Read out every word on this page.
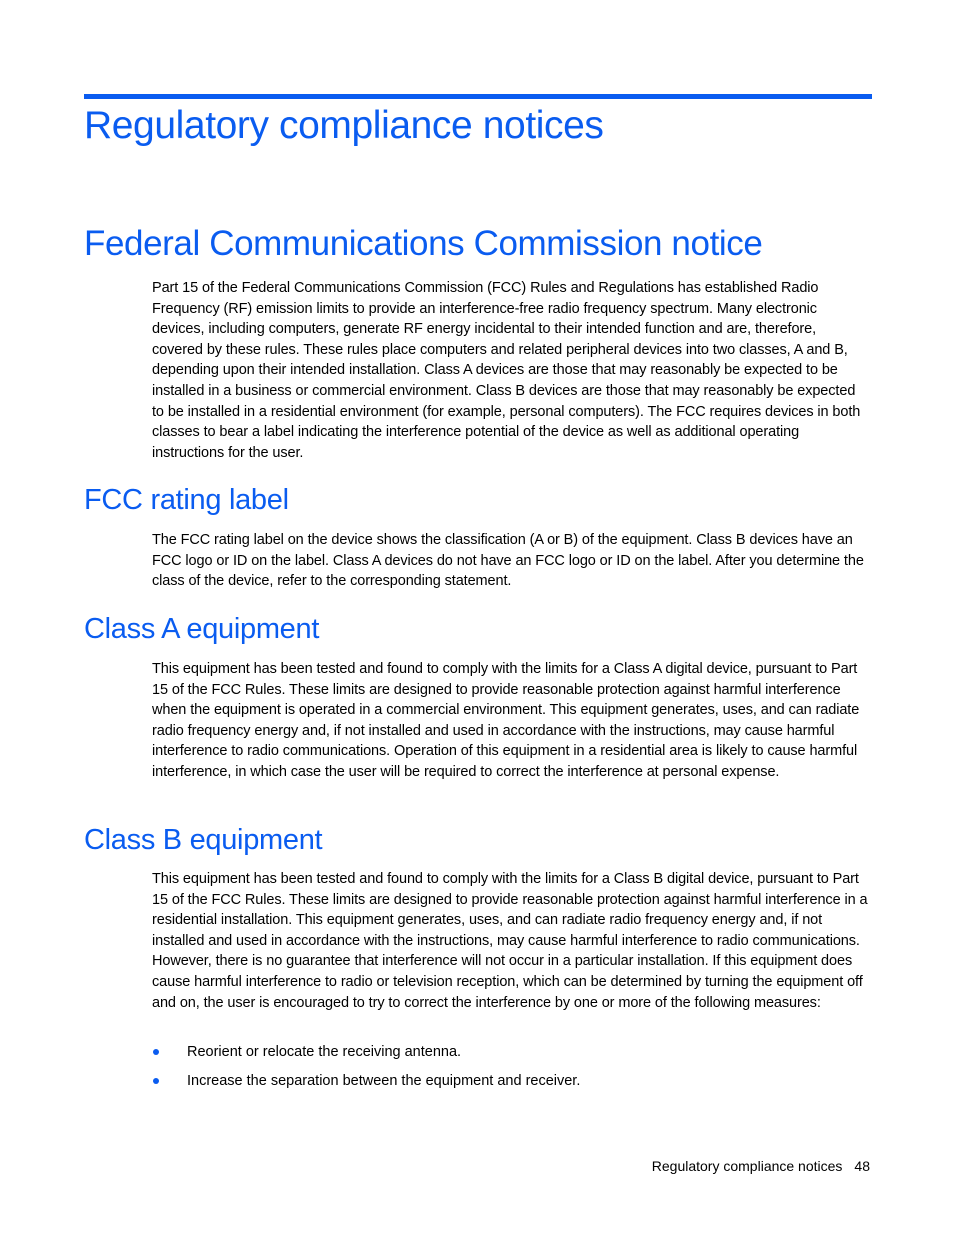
Regulatory compliance notices
Federal Communications Commission notice

Part 15 of the Federal Communications Commission (FCC) Rules and Regulations has established Radio Frequency (RF) emission limits to provide an interference-free radio frequency spectrum. Many electronic devices, including computers, generate RF energy incidental to their intended function and are, therefore, covered by these rules. These rules place computers and related peripheral devices into two classes, A and B, depending upon their intended installation. Class A devices are those that may reasonably be expected to be installed in a business or commercial environment. Class B devices are those that may reasonably be expected to be installed in a residential environment (for example, personal computers). The FCC requires devices in both classes to bear a label indicating the interference potential of the device as well as additional operating instructions for the user.

FCC rating label

The FCC rating label on the device shows the classification (A or B) of the equipment. Class B devices have an FCC logo or ID on the label. Class A devices do not have an FCC logo or ID on the label. After you determine the class of the device, refer to the corresponding statement.

Class A equipment

This equipment has been tested and found to comply with the limits for a Class A digital device, pursuant to Part 15 of the FCC Rules. These limits are designed to provide reasonable protection against harmful interference when the equipment is operated in a commercial environment. This equipment generates, uses, and can radiate radio frequency energy and, if not installed and used in accordance with the instructions, may cause harmful interference to radio communications. Operation of this equipment in a residential area is likely to cause harmful interference, in which case the user will be required to correct the interference at personal expense.

Class B equipment

This equipment has been tested and found to comply with the limits for a Class B digital device, pursuant to Part 15 of the FCC Rules. These limits are designed to provide reasonable protection against harmful interference in a residential installation. This equipment generates, uses, and can radiate radio frequency energy and, if not installed and used in accordance with the instructions, may cause harmful interference to radio communications. However, there is no guarantee that interference will not occur in a particular installation. If this equipment does cause harmful interference to radio or television reception, which can be determined by turning the equipment off and on, the user is encouraged to try to correct the interference by one or more of the following measures:

Reorient or relocate the receiving antenna.
Increase the separation between the equipment and receiver.
Regulatory compliance notices 48
